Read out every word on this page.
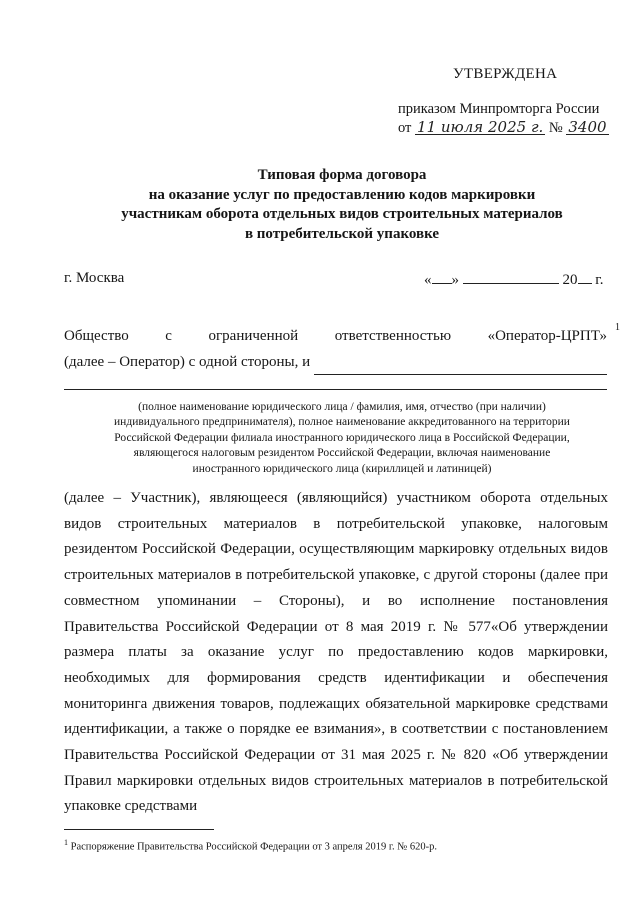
УТВЕРЖДЕНА
приказом Минпромторга России
от 11 июля 2025 г. № 3400
Типовая форма договора
на оказание услуг по предоставлению кодов маркировки
участникам оборота отдельных видов строительных материалов
в потребительской упаковке
г. Москва	« »	20 г.
Общество с ограниченной ответственностью «Оператор-ЦРПТ»
(далее – Оператор) с одной стороны, и
1
(полное наименование юридического лица / фамилия, имя, отчество (при наличии)
индивидуального предпринимателя), полное наименование аккредитованного на территории
Российской Федерации филиала иностранного юридического лица в Российской Федерации,
являющегося налоговым резидентом Российской Федерации, включая наименование
иностранного юридического лица (кириллицей и латиницей)
(далее – Участник), являющееся (являющийся) участником оборота отдельных видов строительных материалов в потребительской упаковке, налоговым резидентом Российской Федерации, осуществляющим маркировку отдельных видов строительных материалов в потребительской упаковке, с другой стороны (далее при совместном упоминании – Стороны), и во исполнение постановления Правительства Российской Федерации от 8 мая 2019 г. № 577«Об утверждении размера платы за оказание услуг по предоставлению кодов маркировки, необходимых для формирования средств идентификации и обеспечения мониторинга движения товаров, подлежащих обязательной маркировке средствами идентификации, а также о порядке ее взимания», в соответствии с постановлением Правительства Российской Федерации от 31 мая 2025 г. № 820 «Об утверждении Правил маркировки отдельных видов строительных материалов в потребительской упаковке средствами
$^1$ Распоряжение Правительства Российской Федерации от 3 апреля 2019 г. № 620-р.
